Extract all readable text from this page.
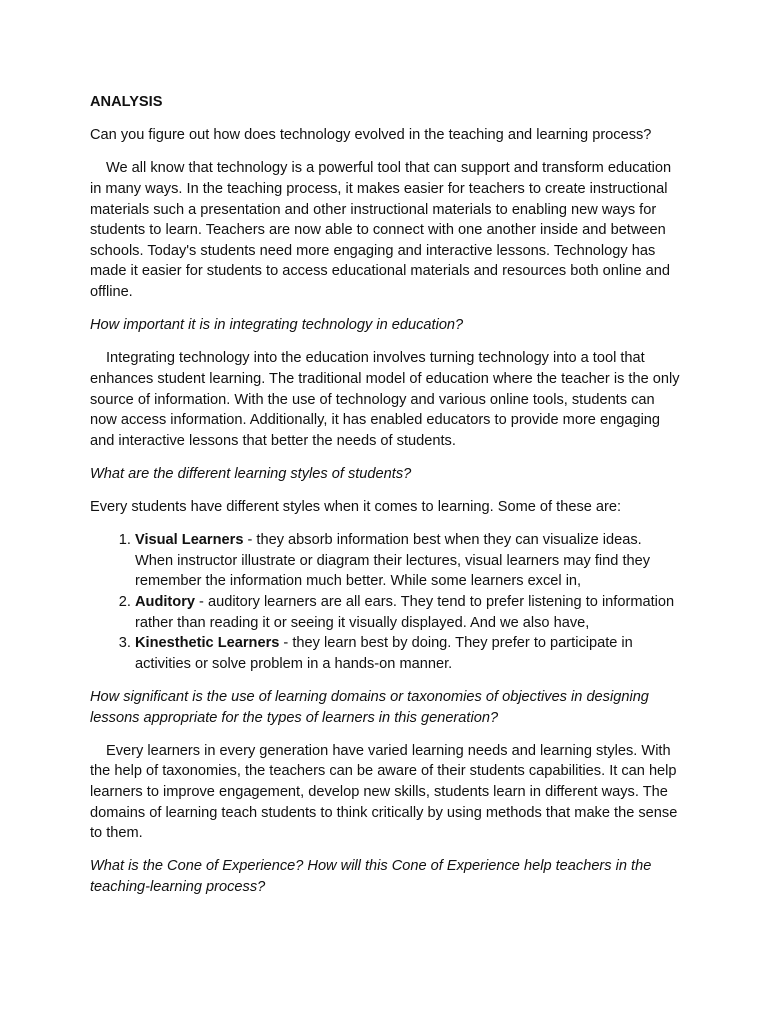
ANALYSIS

Can you figure out how does technology evolved in the teaching and learning process?

We all know that technology is a powerful tool that can support and transform education in many ways. In the teaching process, it makes easier for teachers to create instructional materials such a presentation and other instructional materials to enabling new ways for students to learn. Teachers are now able to connect with one another inside and between schools. Today's students need more engaging and interactive lessons. Technology has made it easier for students to access educational materials and resources both online and offline.

How important it is in integrating technology in education?

Integrating technology into the education involves turning technology into a tool that enhances student learning. The traditional model of education where the teacher is the only source of information. With the use of technology and various online tools, students can now access information. Additionally, it has enabled educators to provide more engaging and interactive lessons that better the needs of students.

What are the different learning styles of students?

Every students have different styles when it comes to learning. Some of these are:

1. Visual Learners - they absorb information best when they can visualize ideas. When instructor illustrate or diagram their lectures, visual learners may find they remember the information much better. While some learners excel in,
2. Auditory - auditory learners are all ears. They tend to prefer listening to information rather than reading it or seeing it visually displayed. And we also have,
3. Kinesthetic Learners - they learn best by doing. They prefer to participate in activities or solve problem in a hands-on manner.

How significant is the use of learning domains or taxonomies of objectives in designing lessons appropriate for the types of learners in this generation?

Every learners in every generation have varied learning needs and learning styles. With the help of taxonomies, the teachers can be aware of their students capabilities. It can help learners to improve engagement, develop new skills, students learn in different ways. The domains of learning teach students to think critically by using methods that make the sense to them.

What is the Cone of Experience? How will this Cone of Experience help teachers in the teaching-learning process?
